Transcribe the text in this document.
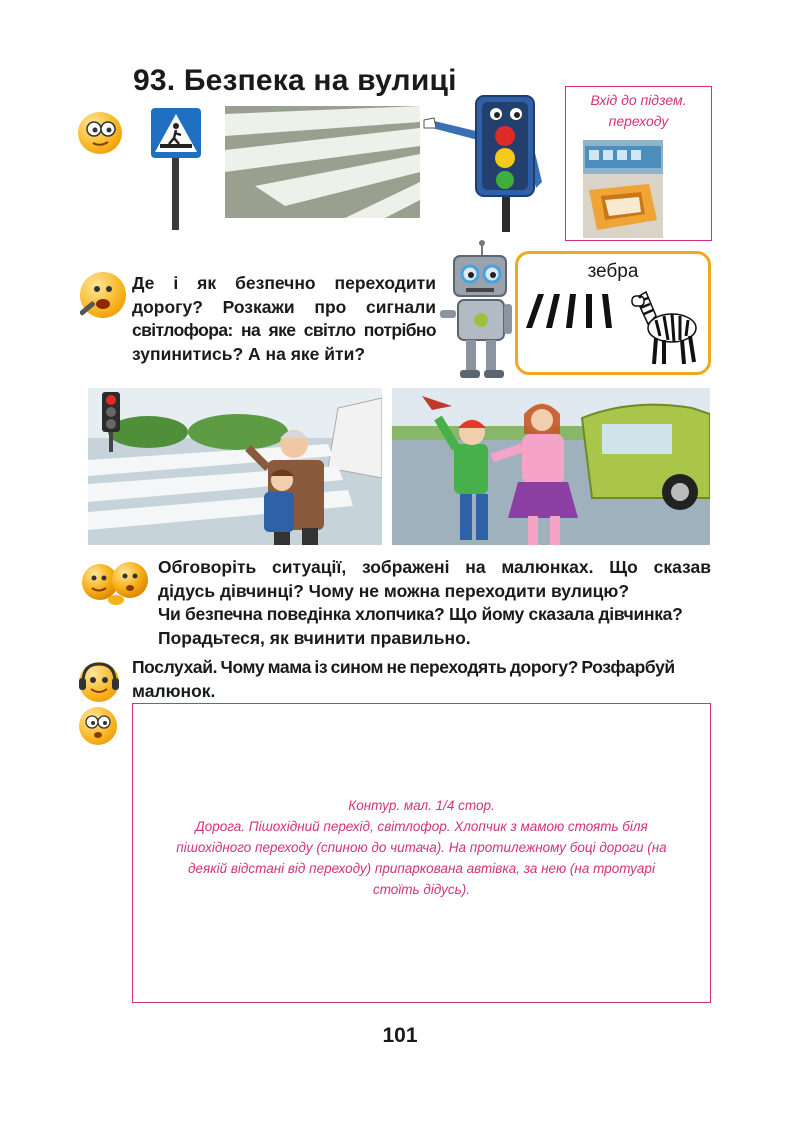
93. Безпека на вулиці
Вхід до підзем.
переходу
Де і як безпечно переходити
дорогу? Розкажи про сигнали
світлофора: на яке світло потрібно
зупинитись? А на яке йти?
зебра
Обговоріть ситуації, зображені на малюнках. Що сказав
дідусь дівчинці? Чому не можна переходити вулицю?
Чи безпечна поведінка хлопчика? Що йому сказала дівчинка?
Порадьтеся, як вчинити правильно.
Послухай. Чому мама із сином не переходять дорогу? Розфарбуй
малюнок.
Контур. мал. 1/4 стор.
Дорога. Пішохідний перехід, світлофор. Хлопчик з мамою стоять біля
пішохідного переходу (спиною до читача). На протилежному боці дороги (на
деякій відстані від переходу) припаркована автівка, за нею (на тротуарі
стоїть дідусь).
101
